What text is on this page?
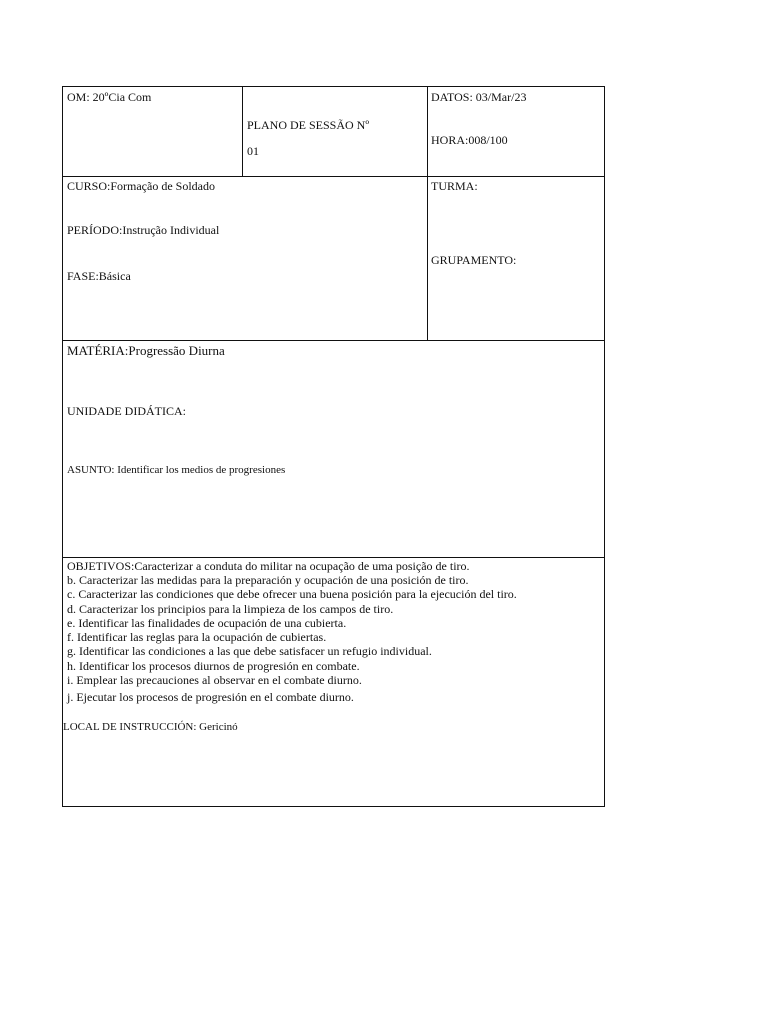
OM: 20ºCia Com
PLANO DE SESSÃO Nº
01
DATOS: 03/Mar/23
HORA:008/100
CURSO:Formação de Soldado
PERÍODO:Instrução Individual
FASE:Básica
TURMA:
GRUPAMENTO:
MATÉRIA:Progressão Diurna
UNIDADE DIDÁTICA:
ASUNTO: Identificar los medios de progresiones
OBJETIVOS:Caracterizar a conduta do militar na ocupação de uma posição de tiro.
b. Caracterizar las medidas para la preparación y ocupación de una posición de tiro.
c. Caracterizar las condiciones que debe ofrecer una buena posición para la ejecución del tiro.
d. Caracterizar los principios para la limpieza de los campos de tiro.
e. Identificar las finalidades de ocupación de una cubierta.
f. Identificar las reglas para la ocupación de cubiertas.
g. Identificar las condiciones a las que debe satisfacer un refugio individual.
h. Identificar los procesos diurnos de progresión en combate.
i. Emplear las precauciones al observar en el combate diurno.
j. Ejecutar los procesos de progresión en el combate diurno.
LOCAL DE INSTRUCCIÓN: Gericinó
